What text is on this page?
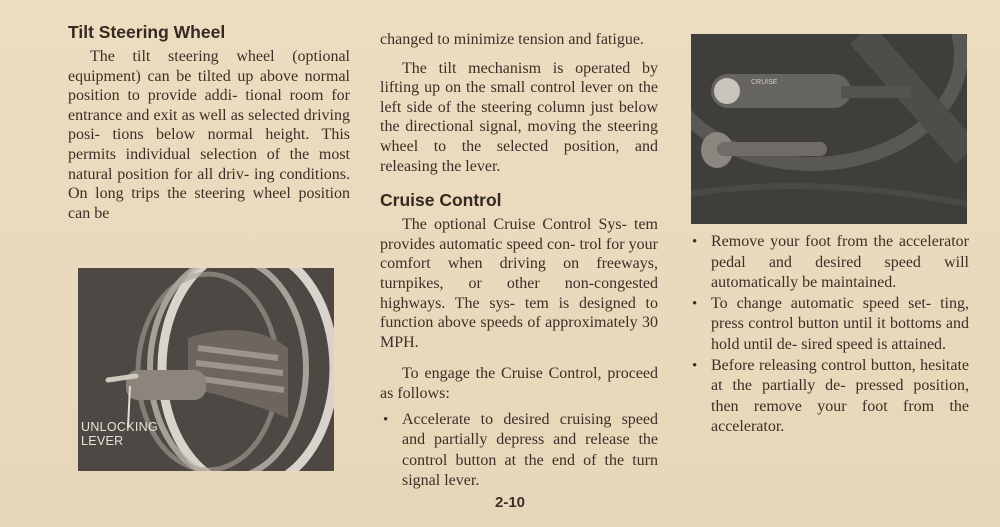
Tilt Steering Wheel

The tilt steering wheel (optional equipment) can be tilted up above normal position to provide addi- tional room for entrance and exit as well as selected driving posi- tions below normal height. This permits individual selection of the most natural position for all driv- ing conditions. On long trips the steering wheel position can be

UNLOCKING
LEVER

changed to minimize tension and fatigue.

The tilt mechanism is operated by lifting up on the small control lever on the left side of the steering column just below the directional signal, moving the steering wheel to the selected position, and releasing the lever.

Cruise Control

The optional Cruise Control Sys- tem provides automatic speed con- trol for your comfort when driving on freeways, turnpikes, or other non-congested highways. The sys- tem is designed to function above speeds of approximately 30 MPH.

To engage the Cruise Control, proceed as follows:

• Accelerate to desired cruising speed and partially depress and release the control button at the end of the turn signal lever.
CRUISE
• Remove your foot from the accelerator pedal and desired speed will automatically be maintained.
• To change automatic speed set- ting, press control button until it bottoms and hold until de- sired speed is attained.
• Before releasing control button, hesitate at the partially de- pressed position, then remove your foot from the accelerator.
2-10
